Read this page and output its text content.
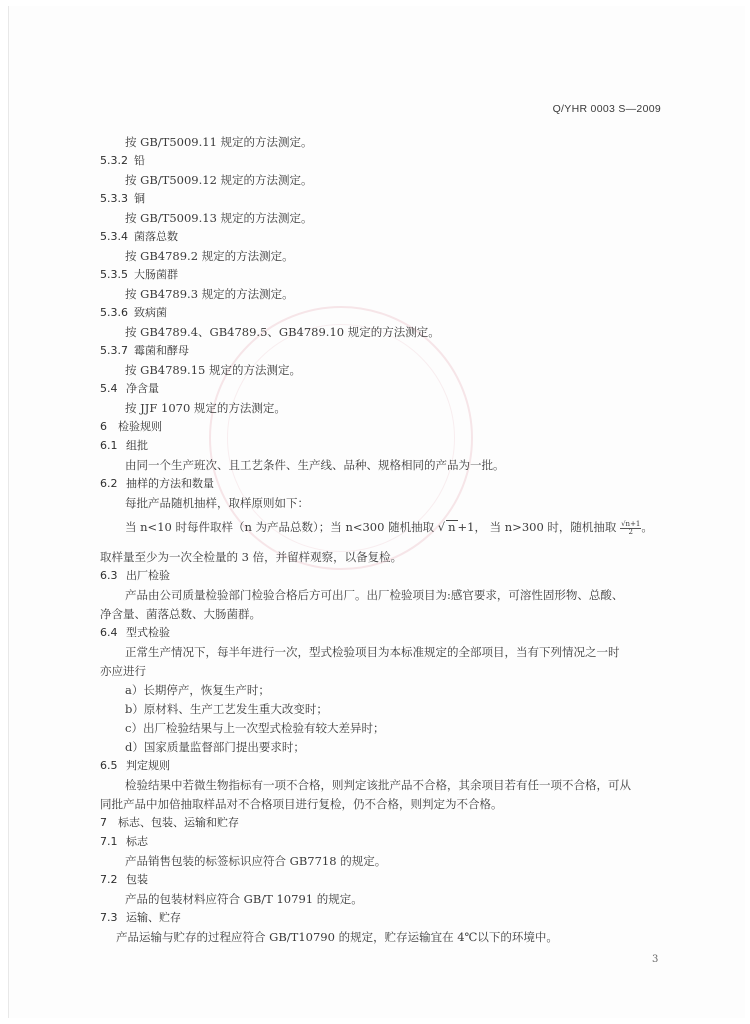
Q/YHR 0003 S—2009
按 GB/T5009.11 规定的方法测定。
5.3.2 铅
按 GB/T5009.12 规定的方法测定。
5.3.3 铜
按 GB/T5009.13 规定的方法测定。
5.3.4 菌落总数
按 GB4789.2 规定的方法测定。
5.3.5 大肠菌群
按 GB4789.3 规定的方法测定。
5.3.6 致病菌
按 GB4789.4、GB4789.5、GB4789.10 规定的方法测定。
5.3.7 霉菌和酵母
按 GB4789.15 规定的方法测定。
5.4 净含量
按 JJF 1070 规定的方法测定。
6 检验规则
6.1 组批
由同一个生产班次、且工艺条件、生产线、品种、规格相同的产品为一批。
6.2 抽样的方法和数量
每批产品随机抽样，取样原则如下：
当 n<10 时每件取样（n 为产品总数）；当 n<300 随机抽取 √ n +1， 当 n>300 时，随机抽取 $\frac{√n+1}{2}$ 。
取样量至少为一次全检量的 3 倍，并留样观察，以备复检。
6.3 出厂检验
产品由公司质量检验部门检验合格后方可出厂。出厂检验项目为:感官要求，可溶性固形物、总酸、
净含量、菌落总数、大肠菌群。
6.4 型式检验
正常生产情况下，每半年进行一次，型式检验项目为本标准规定的全部项目，当有下列情况之一时
亦应进行
a）长期停产，恢复生产时；
b）原材料、生产工艺发生重大改变时；
c）出厂检验结果与上一次型式检验有较大差异时；
d）国家质量监督部门提出要求时；
6.5 判定规则
检验结果中若微生物指标有一项不合格，则判定该批产品不合格，其余项目若有任一项不合格，可从
同批产品中加倍抽取样品对不合格项目进行复检，仍不合格，则判定为不合格。
7 标志、包装、运输和贮存
7.1 标志
产品销售包装的标签标识应符合 GB7718 的规定。
7.2 包装
产品的包装材料应符合 GB/T 10791 的规定。
7.3 运输、贮存
产品运输与贮存的过程应符合 GB/T10790 的规定，贮存运输宜在 4℃以下的环境中。
3
